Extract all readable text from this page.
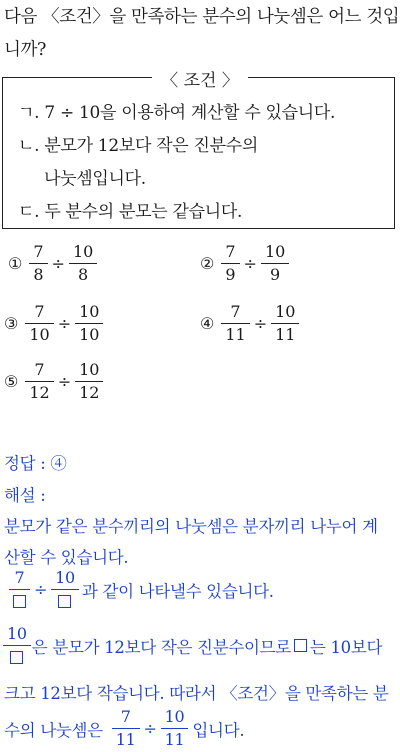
다음 〈조건〉을 만족하는 분수의 나눗셈은 어느 것입
니까?
〈 조건 〉
ㄱ. 7 ÷ 10을 이용하여 계산할 수 있습니다.
ㄴ. 분모가 12보다 작은 진분수의
나눗셈입니다.
ㄷ. 두 분수의 분모는 같습니다.
① $\frac{7}{8} \div \frac{10}{8}$	② $\frac{7}{9} \div \frac{10}{9}$
③ $\frac{7}{10} \div \frac{10}{10}$	④ $\frac{7}{11} \div \frac{10}{11}$
⑤ $\frac{7}{12} \div \frac{10}{12}$
정답 : ④
해설 :
분모가 같은 분수끼리의 나눗셈은 분자끼리 나누어 계
산할 수 있습니다.
7
÷
10
과 같이 나타낼수 있습니다.
10
은 분모가 12보다 작은 진분수이므로 는 10보다
크고 12보다 작습니다. 따라서 〈조건〉을 만족하는 분
수의 나눗셈은 $\frac{7}{11} \div \frac{10}{11}$ 입니다.
